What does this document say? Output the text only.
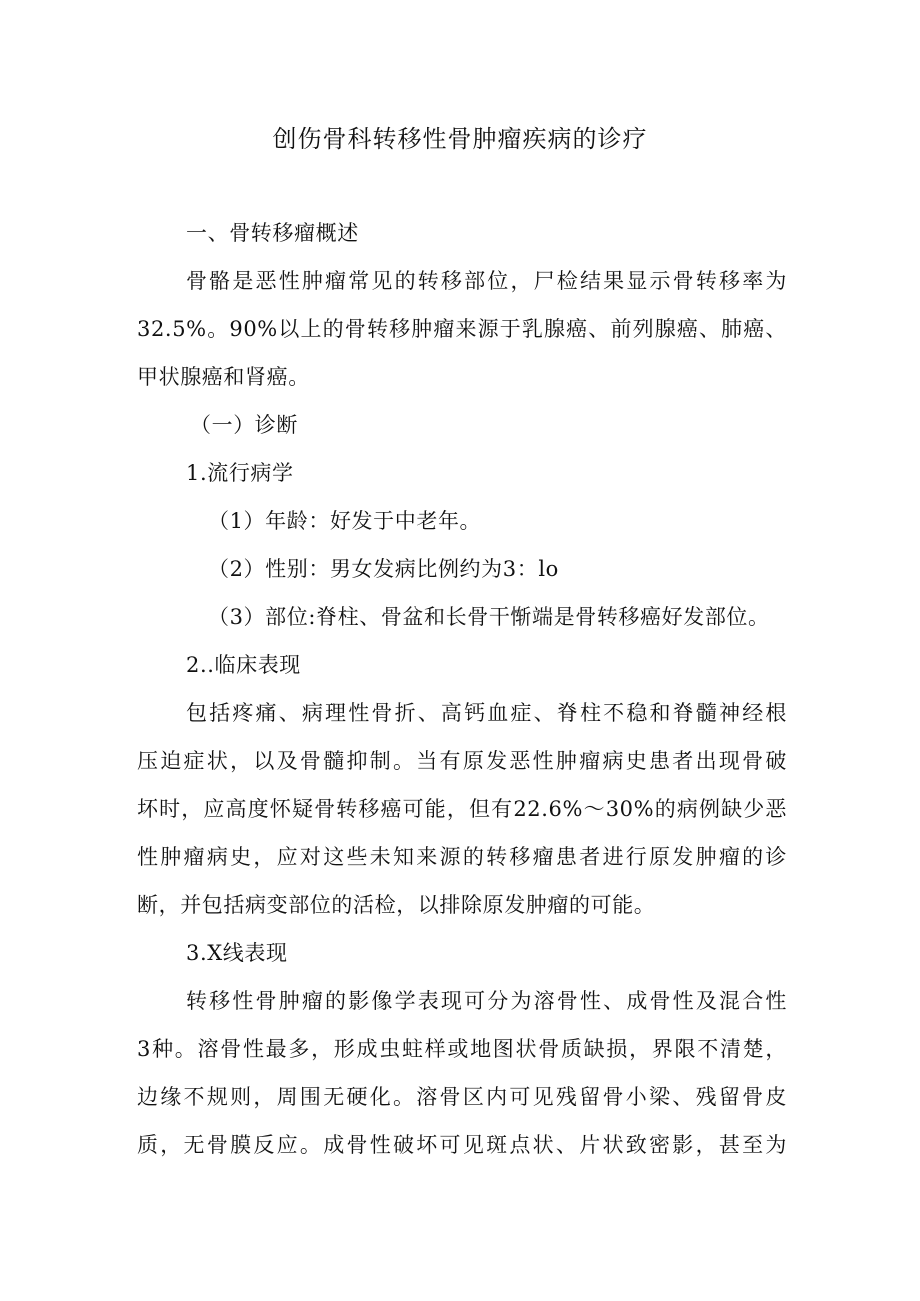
创伤骨科转移性骨肿瘤疾病的诊疗
一、骨转移瘤概述
骨骼是恶性肿瘤常见的转移部位，尸检结果显示骨转移率为
32.5%。90%以上的骨转移肿瘤来源于乳腺癌、前列腺癌、肺癌、
甲状腺癌和肾癌。
（一）诊断
1.流行病学
（1）年龄：好发于中老年。
（2）性别：男女发病比例约为3：lo
（3）部位:脊柱、骨盆和长骨干惭端是骨转移癌好发部位。
2..临床表现
包括疼痛、病理性骨折、高钙血症、脊柱不稳和脊髓神经根
压迫症状，以及骨髓抑制。当有原发恶性肿瘤病史患者出现骨破
坏时，应高度怀疑骨转移癌可能，但有22.6%～30%的病例缺少恶
性肿瘤病史，应对这些未知来源的转移瘤患者进行原发肿瘤的诊
断，并包括病变部位的活检，以排除原发肿瘤的可能。
3.X线表现
转移性骨肿瘤的影像学表现可分为溶骨性、成骨性及混合性
3种。溶骨性最多，形成虫蛀样或地图状骨质缺损，界限不清楚，
边缘不规则，周围无硬化。溶骨区内可见残留骨小梁、残留骨皮
质，无骨膜反应。成骨性破坏可见斑点状、片状致密影，甚至为
